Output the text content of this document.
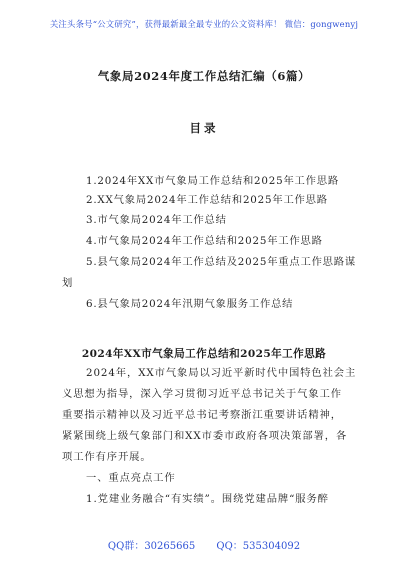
关注头条号“公文研究”，获得最新最全最专业的公文资料库！ 微信：gongwenyj
气象局2024年度工作总结汇编（6篇）
目录
1.2024年XX市气象局工作总结和2025年工作思路
2.XX气象局2024年工作总结和2025年工作思路
3.市气象局2024年工作总结
4.市气象局2024年工作总结和2025年工作思路
5.县气象局2024年工作总结及2025年重点工作思路谋
划
6.县气象局2024年汛期气象服务工作总结
2024年XX市气象局工作总结和2025年工作思路
2024年，XX市气象局以习近平新时代中国特色社会主
义思想为指导，深入学习贯彻习近平总书记关于气象工作
重要指示精神以及习近平总书记考察浙江重要讲话精神，
紧紧围绕上级气象部门和XX市委市政府各项决策部署，各
项工作有序开展。
一、重点亮点工作
1.党建业务融合“有实绩”。围绕党建品牌“服务醉
QQ群：30265665 QQ：535304092
